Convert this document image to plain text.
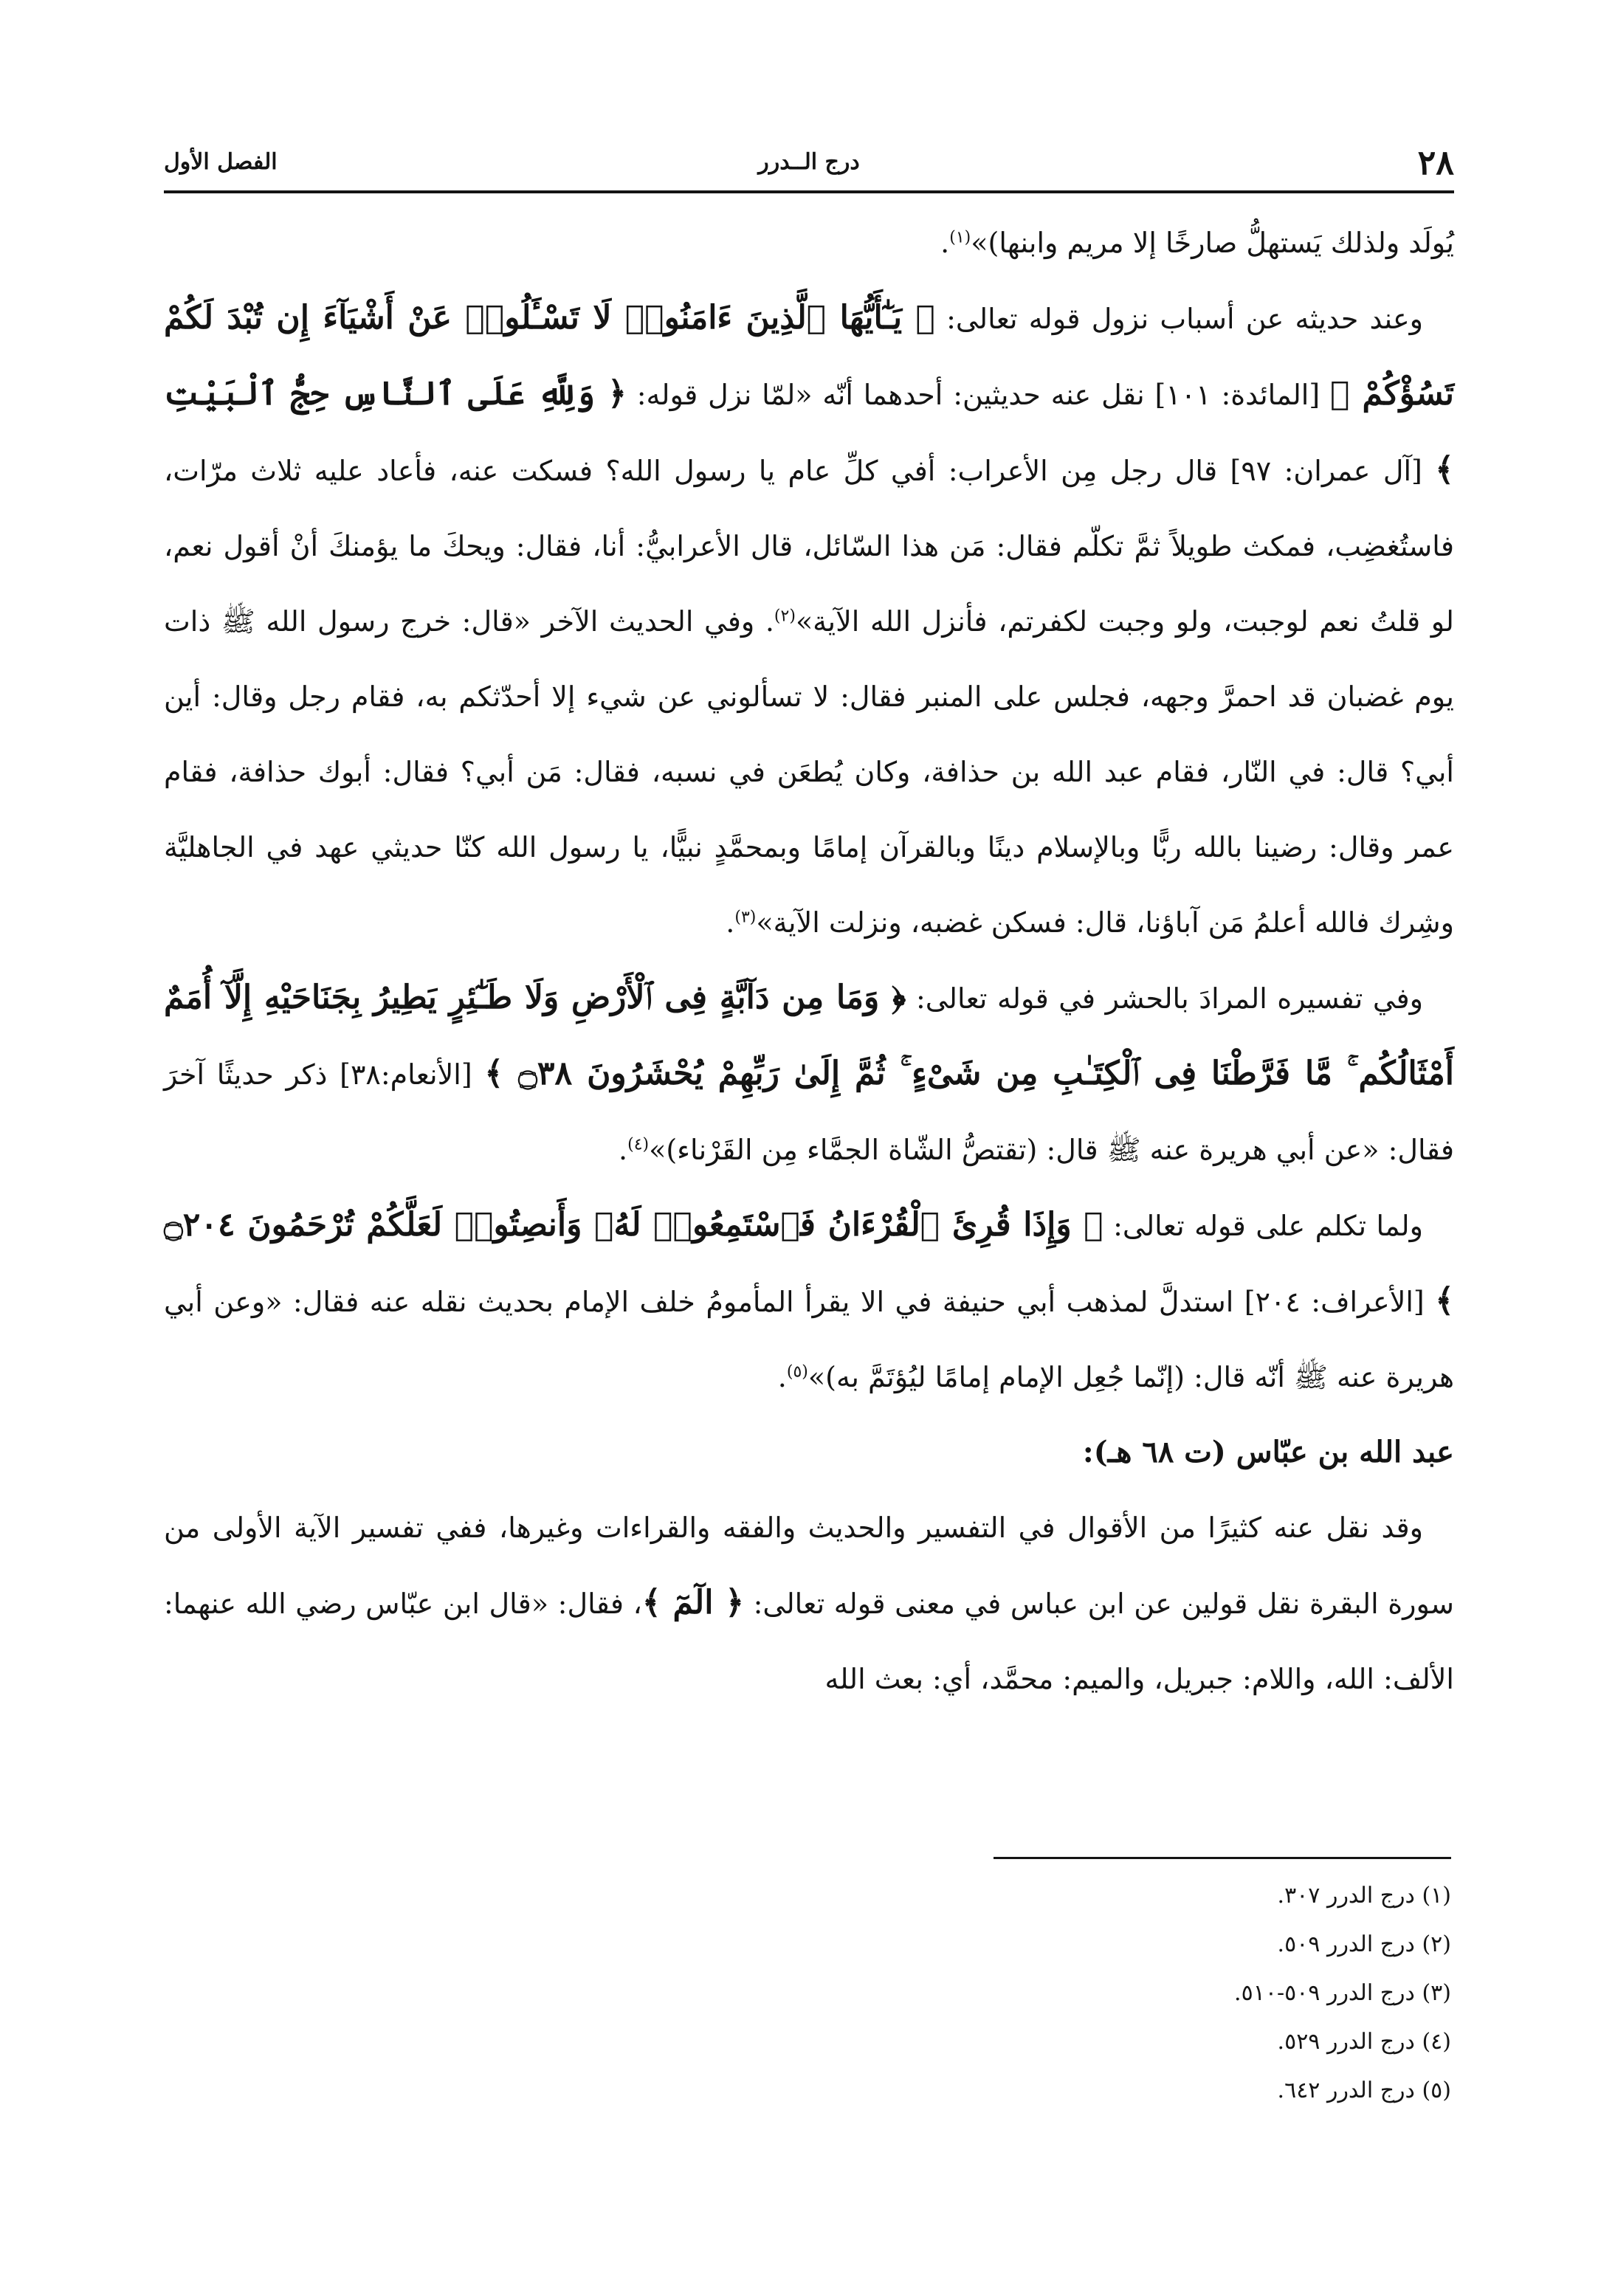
٢٨
درج الــدرر
الفصل الأول

يُولَد ولذلك يَستهلُّ صارخًا إلا مريم وابنها)»$^{(١)}$.

وعند حديثه عن أسباب نزول قوله تعالى: ﴿ يَـٰٓأَيُّهَا ٱلَّذِينَ ءَامَنُوا۟ لَا تَسْـَٔلُوا۟ عَنْ أَشْيَآءَ إِن تُبْدَ لَكُمْ تَسُؤْكُمْ ﴾ [المائدة: ١٠١] نقل عنه حديثين: أحدهما أنّه «لمّا نزل قوله: ﴿ وَلِلَّهِ عَلَى ٱلنَّاسِ حِجُّ ٱلْبَيْتِ ﴾ [آل عمران: ٩٧] قال رجل مِن الأعراب: أفي كلِّ عام يا رسول الله؟ فسكت عنه، فأعاد عليه ثلاث مرّات، فاستُغضِب، فمكث طويلاً ثمَّ تكلّم فقال: مَن هذا السّائل، قال الأعرابيُّ: أنا، فقال: ويحكَ ما يؤمنكَ أنْ أقول نعم، لو قلتُ نعم لوجبت، ولو وجبت لكفرتم، فأنزل الله الآية»$^{(٢)}$. وفي الحديث الآخر «قال: خرج رسول الله ﷺ ذات يوم غضبان قد احمرَّ وجهه، فجلس على المنبر فقال: لا تسألوني عن شيء إلا أحدّثكم به، فقام رجل وقال: أين أبي؟ قال: في النّار، فقام عبد الله بن حذافة، وكان يُطعَن في نسبه، فقال: مَن أبي؟ فقال: أبوك حذافة، فقام عمر وقال: رضينا بالله ربًّا وبالإسلام دينًا وبالقرآن إمامًا وبمحمَّدٍ نبيًّا، يا رسول الله كنّا حديثي عهد في الجاهليَّة وشِرك فالله أعلمُ مَن آباؤنا، قال: فسكن غضبه، ونزلت الآية»$^{(٣)}$.

وفي تفسيره المرادَ بالحشر في قوله تعالى: ﴿ وَمَا مِن دَآبَّةٍ فِى ٱلْأَرْضِ وَلَا طَـٰٓئِرٍ يَطِيرُ بِجَنَاحَيْهِ إِلَّآ أُمَمٌ أَمْثَالُكُم ۚ مَّا فَرَّطْنَا فِى ٱلْكِتَـٰبِ مِن شَىْءٍ ۚ ثُمَّ إِلَىٰ رَبِّهِمْ يُحْشَرُونَ ۝٣٨ ﴾ [الأنعام:٣٨] ذكر حديثًا آخرَ فقال: «عن أبي هريرة عنه ﷺ قال: (تقتصُّ الشّاة الجمَّاء مِن القَرْناء)»$^{(٤)}$.

ولما تكلم على قوله تعالى: ﴿ وَإِذَا قُرِئَ ٱلْقُرْءَانُ فَٱسْتَمِعُوا۟ لَهُۥ وَأَنصِتُوا۟ لَعَلَّكُمْ تُرْحَمُونَ ۝٢٠٤ ﴾ [الأعراف: ٢٠٤] استدلَّ لمذهب أبي حنيفة في الا يقرأ المأمومُ خلف الإمام بحديث نقله عنه فقال: «وعن أبي هريرة عنه ﷺ أنّه قال: (إنّما جُعِل الإمام إمامًا ليُؤتَمَّ به)»$^{(٥)}$.

عبد الله بن عبّاس (ت ٦٨ هـ):

وقد نقل عنه كثيرًا من الأقوال في التفسير والحديث والفقه والقراءات وغيرها، ففي تفسير الآية الأولى من سورة البقرة نقل قولين عن ابن عباس في معنى قوله تعالى: ﴿ الٓمٓ ﴾، فقال: «قال ابن عبّاس رضي الله عنهما: الألف: الله، واللام: جبريل، والميم: محمَّد، أي: بعث الله

(١) درج الدرر ٣٠٧.
(٢) درج الدرر ٥٠٩.
(٣) درج الدرر ٥٠٩-٥١٠.
(٤) درج الدرر ٥٢٩.
(٥) درج الدرر ٦٤٢.
